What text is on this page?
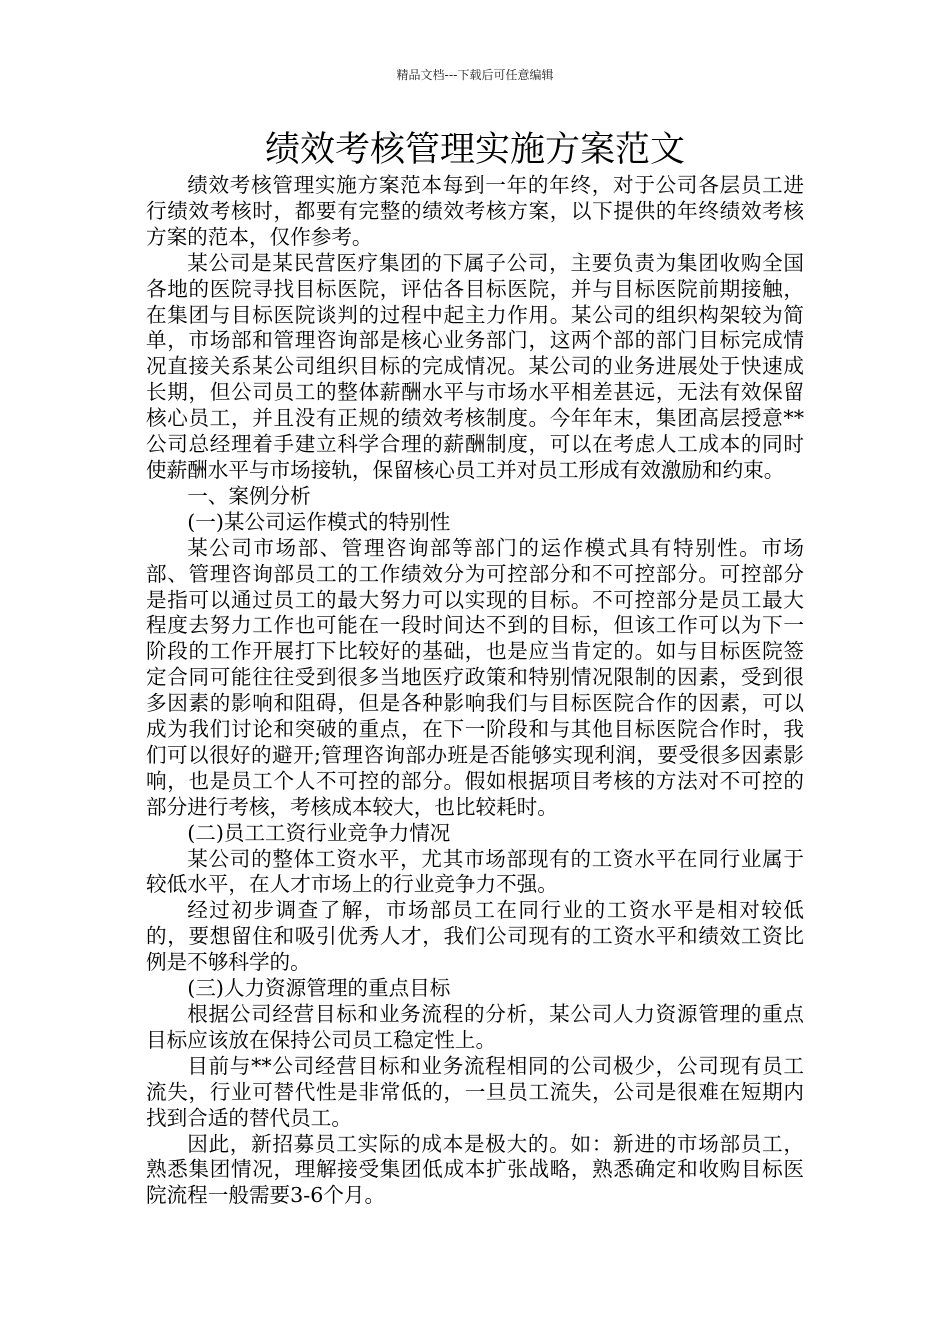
精品文档---下载后可任意编辑
绩效考核管理实施方案范文

绩效考核管理实施方案范本每到一年的年终，对于公司各层员工进行绩效考核时，都要有完整的绩效考核方案，以下提供的年终绩效考核方案的范本，仅作参考。

某公司是某民营医疗集团的下属子公司，主要负责为集团收购全国各地的医院寻找目标医院，评估各目标医院，并与目标医院前期接触，在集团与目标医院谈判的过程中起主力作用。某公司的组织构架较为简单，市场部和管理咨询部是核心业务部门，这两个部的部门目标完成情况直接关系某公司组织目标的完成情况。某公司的业务进展处于快速成长期，但公司员工的整体薪酬水平与市场水平相差甚远，无法有效保留核心员工，并且没有正规的绩效考核制度。今年年末，集团高层授意**公司总经理着手建立科学合理的薪酬制度，可以在考虑人工成本的同时使薪酬水平与市场接轨，保留核心员工并对员工形成有效激励和约束。

一、案例分析

(一)某公司运作模式的特别性

某公司市场部、管理咨询部等部门的运作模式具有特别性。市场部、管理咨询部员工的工作绩效分为可控部分和不可控部分。可控部分是指可以通过员工的最大努力可以实现的目标。不可控部分是员工最大程度去努力工作也可能在一段时间达不到的目标，但该工作可以为下一阶段的工作开展打下比较好的基础，也是应当肯定的。如与目标医院签定合同可能往往受到很多当地医疗政策和特别情况限制的因素，受到很多因素的影响和阻碍，但是各种影响我们与目标医院合作的因素，可以成为我们讨论和突破的重点，在下一阶段和与其他目标医院合作时，我们可以很好的避开;管理咨询部办班是否能够实现利润，要受很多因素影响，也是员工个人不可控的部分。假如根据项目考核的方法对不可控的部分进行考核，考核成本较大，也比较耗时。

(二)员工工资行业竞争力情况

某公司的整体工资水平，尤其市场部现有的工资水平在同行业属于较低水平，在人才市场上的行业竞争力不强。

经过初步调查了解，市场部员工在同行业的工资水平是相对较低的，要想留住和吸引优秀人才，我们公司现有的工资水平和绩效工资比例是不够科学的。

(三)人力资源管理的重点目标

根据公司经营目标和业务流程的分析，某公司人力资源管理的重点目标应该放在保持公司员工稳定性上。

目前与**公司经营目标和业务流程相同的公司极少，公司现有员工流失，行业可替代性是非常低的，一旦员工流失，公司是很难在短期内找到合适的替代员工。

因此，新招募员工实际的成本是极大的。如：新进的市场部员工，熟悉集团情况，理解接受集团低成本扩张战略，熟悉确定和收购目标医院流程一般需要3-6个月。
